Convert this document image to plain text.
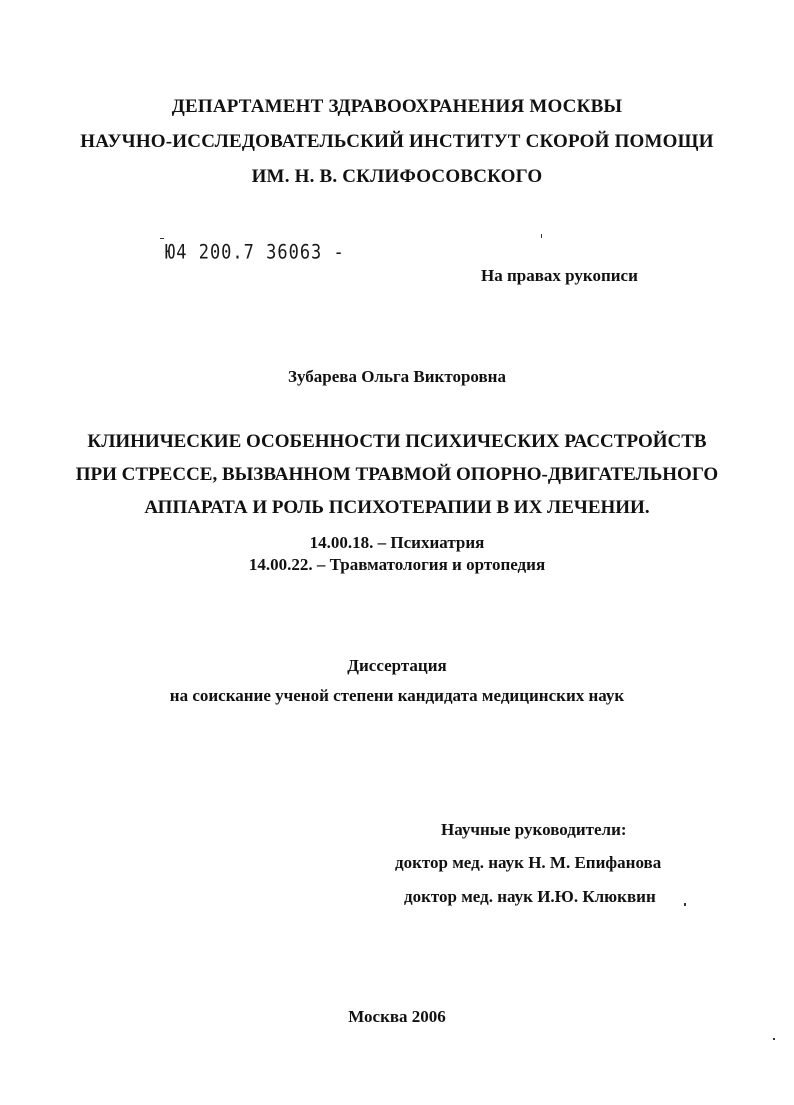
ДЕПАРТАМЕНТ ЗДРАВООХРАНЕНИЯ МОСКВЫ
НАУЧНО-ИССЛЕДОВАТЕЛЬСКИЙ ИНСТИТУТ СКОРОЙ ПОМОЩИ
ИМ. Н. В. СКЛИФОСОВСКОГО
Ю4 200.7 36063 -
На правах рукописи
Зубарева Ольга Викторовна
КЛИНИЧЕСКИЕ ОСОБЕННОСТИ ПСИХИЧЕСКИХ РАССТРОЙСТВ
ПРИ СТРЕССЕ, ВЫЗВАННОМ ТРАВМОЙ ОПОРНО-ДВИГАТЕЛЬНОГО
АППАРАТА И РОЛЬ ПСИХОТЕРАПИИ В ИХ ЛЕЧЕНИИ.
14.00.18. – Психиатрия
14.00.22. – Травматология и ортопедия
Диссертация
на соискание ученой степени кандидата медицинских наук
Научные руководители:
доктор мед. наук Н. М. Епифанова
доктор мед. наук И.Ю. Клюквин
Москва 2006
